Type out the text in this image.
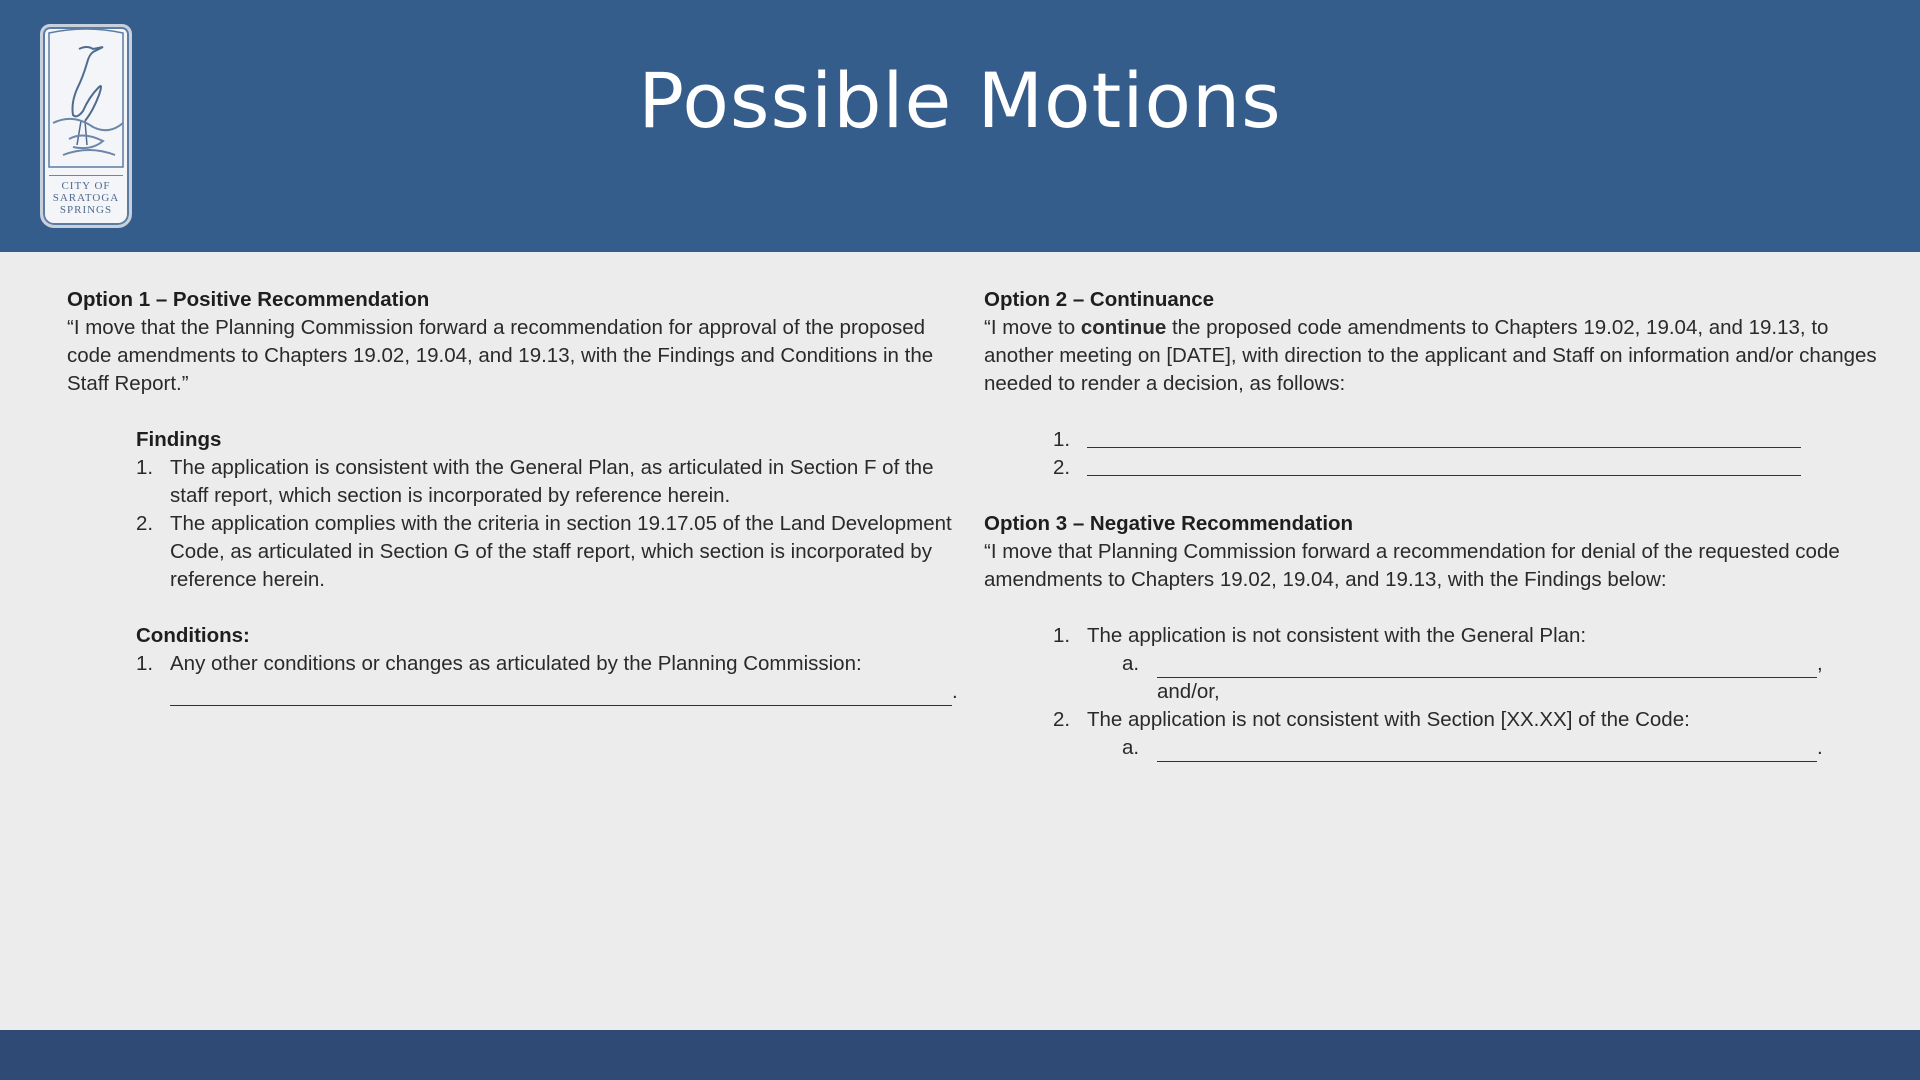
CITY OF
SARATOGA
SPRINGS
Possible Motions
Option 1 – Positive Recommendation
“I move that the Planning Commission forward a recommendation for approval of the proposed code amendments to Chapters 19.02, 19.04, and 19.13, with the Findings and Conditions in the Staff Report.”
Findings
1. The application is consistent with the General Plan, as articulated in Section F of the staff report, which section is incorporated by reference herein.
2. The application complies with the criteria in section 19.17.05 of the Land Development Code, as articulated in Section G of the staff report, which section is incorporated by reference herein.
Conditions:
1. Any other conditions or changes as articulated by the Planning Commission:
.
Option 2 – Continuance
“I move to continue the proposed code amendments to Chapters 19.02, 19.04, and 19.13, to another meeting on [DATE], with direction to the applicant and Staff on information and/or changes needed to render a decision, as follows:
1.
2.
Option 3 – Negative Recommendation
“I move that Planning Commission forward a recommendation for denial of the requested code amendments to Chapters 19.02, 19.04, and 19.13, with the Findings below:
1. The application is not consistent with the General Plan:
a.	,
and/or,
2. The application is not consistent with Section [XX.XX] of the Code:
a.	.
